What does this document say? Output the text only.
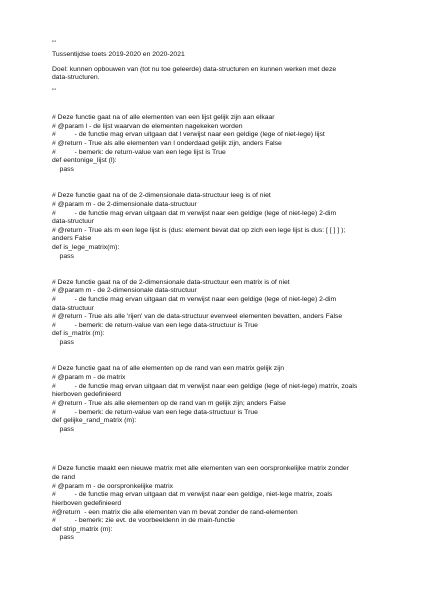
'''
Tussentijdse toets 2019-2020 en 2020-2021
Doel: kunnen opbouwen van (tot nu toe geleerde) data-structuren en kunnen werken met deze
data-structuren.
'''
# Deze functie gaat na of alle elementen van een lijst gelijk zijn aan elkaar
# @param l - de lijst waarvan de elementen nagekeken worden
#          - de functie mag ervan uitgaan dat l verwijst naar een geldige (lege of niet-lege) lijst
# @return - True als alle elementen van l onderdaad gelijk zijn, anders False
#          - bemerk: de return-value van een lege lijst is True
def eentonige_lijst (l):
pass
# Deze functie gaat na of de 2-dimensionale data-structuur leeg is of niet
# @param m - de 2-dimensionale data-structuur
#          - de functie mag ervan uitgaan dat m verwijst naar een geldige (lege of niet-lege) 2-dim
data-structuur
# @return - True als m een lege lijst is (dus: element bevat dat op zich een lege lijst is dus: [ [ ] ] );
anders False
def is_lege_matrix(m):
pass
# Deze functie gaat na of de 2-dimensionale data-structuur een matrix is of niet
# @param m - de 2-dimensionale data-structuur
#          - de functie mag ervan uitgaan dat m verwijst naar een geldige (lege of niet-lege) 2-dim
data-structuur
# @return - True als alle 'rijen' van de data-structuur evenveel elementen bevatten, anders False
#          - bemerk: de return-value van een lege data-structuur is True
def is_matrix (m):
pass
# Deze functie gaat na of alle elementen op de rand van een matrix gelijk zijn
# @param m - de matrix
#          - de functie mag ervan uitgaan dat m verwijst naar een geldige (lege of niet-lege) matrix, zoals
hierboven gedefinieerd
# @return - True als alle elementen op de rand van m gelijk zijn; anders False
#          - bemerk: de return-value van een lege data-structuur is True
def gelijke_rand_matrix (m):
pass
# Deze functie maakt een nieuwe matrix met alle elementen van een oorspronkelijke matrix zonder
de rand
# @param m - de oorspronkelijke matrix
#          - de functie mag ervan uitgaan dat m verwijst naar een geldige, niet-lege matrix, zoals
hierboven gedefinieerd
#@return  - een matrix die alle elementen van m bevat zonder de rand-elementen
#          - bemerk: zie evt. de voorbeeldenn in de main-functie
def strip_matrix (m):
pass
